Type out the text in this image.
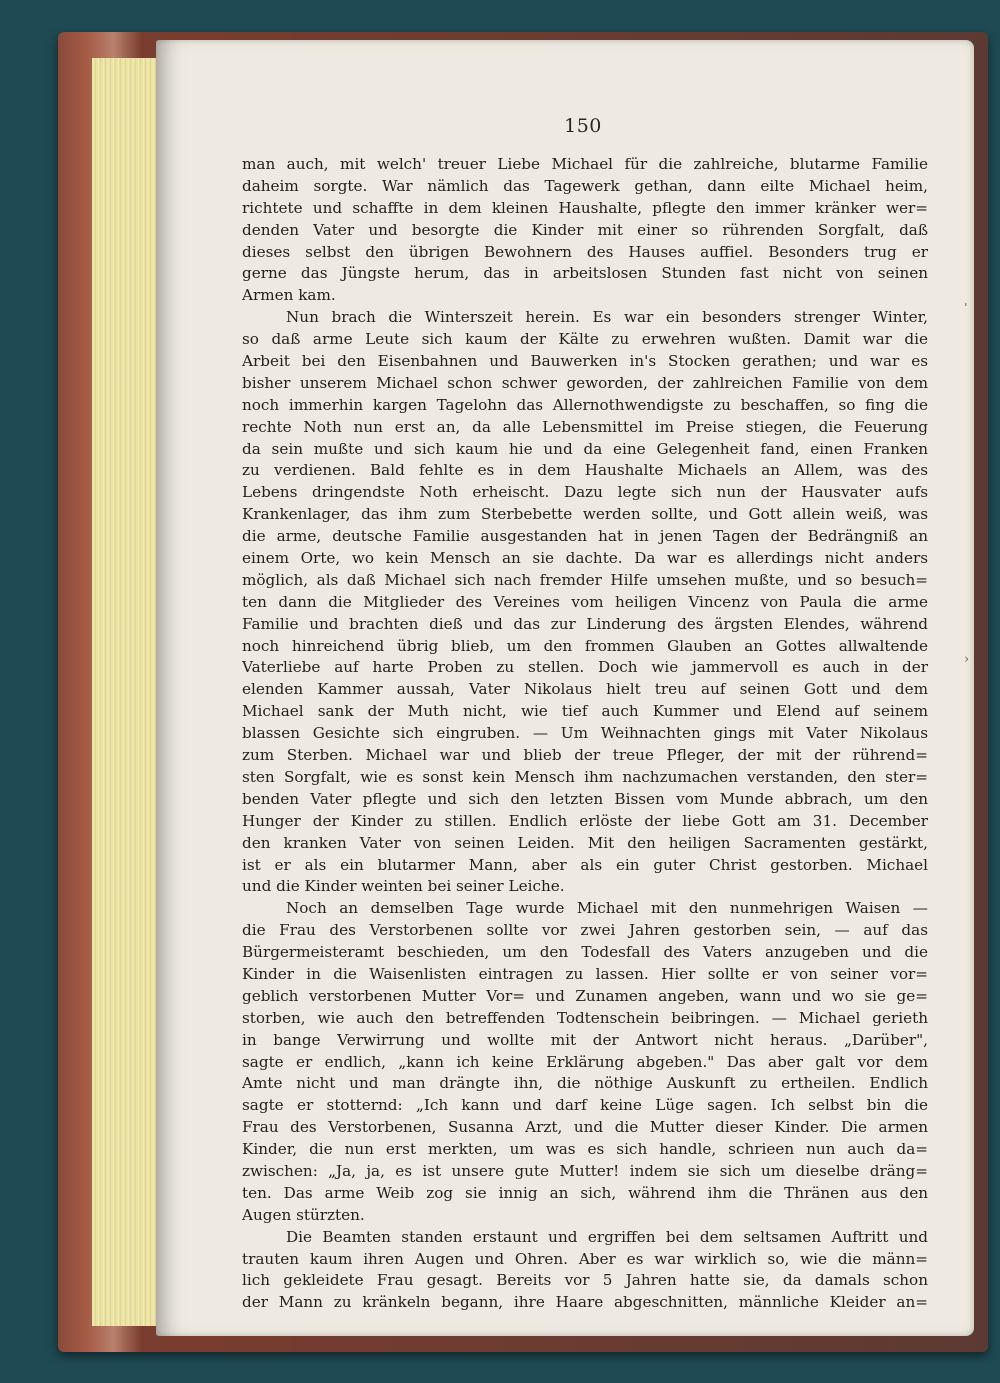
150
man auch, mit welch' treuer Liebe Michael für die zahlreiche, blutarme Familie
daheim sorgte. War nämlich das Tagewerk gethan, dann eilte Michael heim,
richtete und schaffte in dem kleinen Haushalte, pflegte den immer kränker wer=
denden Vater und besorgte die Kinder mit einer so rührenden Sorgfalt, daß
dieses selbst den übrigen Bewohnern des Hauses auffiel. Besonders trug er
gerne das Jüngste herum, das in arbeitslosen Stunden fast nicht von seinen
Armen kam.
Nun brach die Winterszeit herein. Es war ein besonders strenger Winter,
so daß arme Leute sich kaum der Kälte zu erwehren wußten. Damit war die
Arbeit bei den Eisenbahnen und Bauwerken in's Stocken gerathen; und war es
bisher unserem Michael schon schwer geworden, der zahlreichen Familie von dem
noch immerhin kargen Tagelohn das Allernothwendigste zu beschaffen, so fing die
rechte Noth nun erst an, da alle Lebensmittel im Preise stiegen, die Feuerung
da sein mußte und sich kaum hie und da eine Gelegenheit fand, einen Franken
zu verdienen. Bald fehlte es in dem Haushalte Michaels an Allem, was des
Lebens dringendste Noth erheischt. Dazu legte sich nun der Hausvater aufs
Krankenlager, das ihm zum Sterbebette werden sollte, und Gott allein weiß, was
die arme, deutsche Familie ausgestanden hat in jenen Tagen der Bedrängniß an
einem Orte, wo kein Mensch an sie dachte. Da war es allerdings nicht anders
möglich, als daß Michael sich nach fremder Hilfe umsehen mußte, und so besuch=
ten dann die Mitglieder des Vereines vom heiligen Vincenz von Paula die arme
Familie und brachten dieß und das zur Linderung des ärgsten Elendes, während
noch hinreichend übrig blieb, um den frommen Glauben an Gottes allwaltende
Vaterliebe auf harte Proben zu stellen. Doch wie jammervoll es auch in der
elenden Kammer aussah, Vater Nikolaus hielt treu auf seinen Gott und dem
Michael sank der Muth nicht, wie tief auch Kummer und Elend auf seinem
blassen Gesichte sich eingruben. — Um Weihnachten gings mit Vater Nikolaus
zum Sterben. Michael war und blieb der treue Pfleger, der mit der rührend=
sten Sorgfalt, wie es sonst kein Mensch ihm nachzumachen verstanden, den ster=
benden Vater pflegte und sich den letzten Bissen vom Munde abbrach, um den
Hunger der Kinder zu stillen. Endlich erlöste der liebe Gott am 31. December
den kranken Vater von seinen Leiden. Mit den heiligen Sacramenten gestärkt,
ist er als ein blutarmer Mann, aber als ein guter Christ gestorben. Michael
und die Kinder weinten bei seiner Leiche.
Noch an demselben Tage wurde Michael mit den nunmehrigen Waisen —
die Frau des Verstorbenen sollte vor zwei Jahren gestorben sein, — auf das
Bürgermeisteramt beschieden, um den Todesfall des Vaters anzugeben und die
Kinder in die Waisenlisten eintragen zu lassen. Hier sollte er von seiner vor=
geblich verstorbenen Mutter Vor= und Zunamen angeben, wann und wo sie ge=
storben, wie auch den betreffenden Todtenschein beibringen. — Michael gerieth
in bange Verwirrung und wollte mit der Antwort nicht heraus. „Darüber",
sagte er endlich, „kann ich keine Erklärung abgeben." Das aber galt vor dem
Amte nicht und man drängte ihn, die nöthige Auskunft zu ertheilen. Endlich
sagte er stotternd: „Ich kann und darf keine Lüge sagen. Ich selbst bin die
Frau des Verstorbenen, Susanna Arzt, und die Mutter dieser Kinder. Die armen
Kinder, die nun erst merkten, um was es sich handle, schrieen nun auch da=
zwischen: „Ja, ja, es ist unsere gute Mutter! indem sie sich um dieselbe dräng=
ten. Das arme Weib zog sie innig an sich, während ihm die Thränen aus den
Augen stürzten.
Die Beamten standen erstaunt und ergriffen bei dem seltsamen Auftritt und
trauten kaum ihren Augen und Ohren. Aber es war wirklich so, wie die männ=
lich gekleidete Frau gesagt. Bereits vor 5 Jahren hatte sie, da damals schon
der Mann zu kränkeln begann, ihre Haare abgeschnitten, männliche Kleider an=
ˈ
›
